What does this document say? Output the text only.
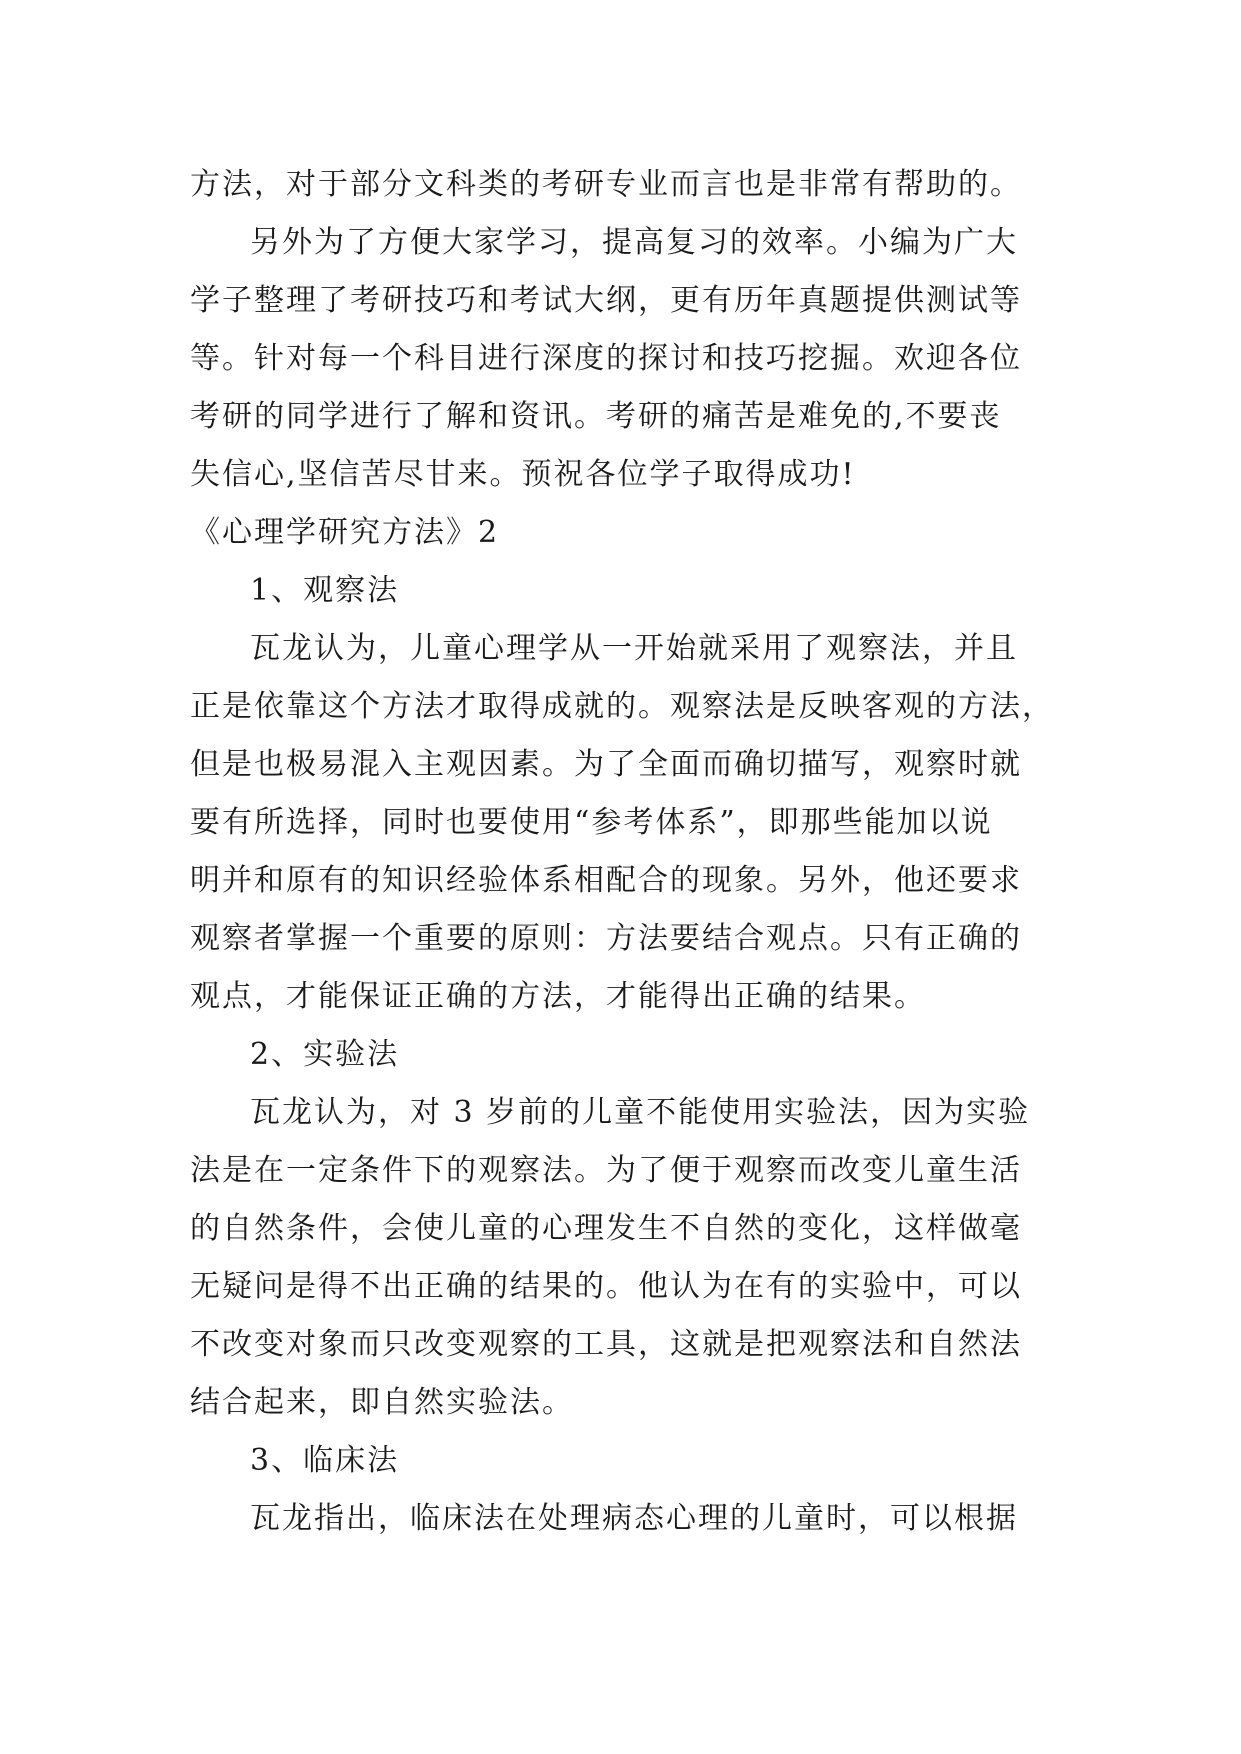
方法，对于部分文科类的考研专业而言也是非常有帮助的。
另外为了方便大家学习，提高复习的效率。小编为广大
学子整理了考研技巧和考试大纲，更有历年真题提供测试等
等。针对每一个科目进行深度的探讨和技巧挖掘。欢迎各位
考研的同学进行了解和资讯。考研的痛苦是难免的,不要丧
失信心,坚信苦尽甘来。预祝各位学子取得成功!
《心理学研究方法》2
1、观察法
瓦龙认为，儿童心理学从一开始就采用了观察法，并且
正是依靠这个方法才取得成就的。观察法是反映客观的方法，
但是也极易混入主观因素。为了全面而确切描写，观察时就
要有所选择，同时也要使用“参考体系”，即那些能加以说
明并和原有的知识经验体系相配合的现象。另外，他还要求
观察者掌握一个重要的原则：方法要结合观点。只有正确的
观点，才能保证正确的方法，才能得出正确的结果。
2、实验法
瓦龙认为，对 3 岁前的儿童不能使用实验法，因为实验
法是在一定条件下的观察法。为了便于观察而改变儿童生活
的自然条件，会使儿童的心理发生不自然的变化，这样做毫
无疑问是得不出正确的结果的。他认为在有的实验中，可以
不改变对象而只改变观察的工具，这就是把观察法和自然法
结合起来，即自然实验法。
3、临床法
瓦龙指出，临床法在处理病态心理的儿童时，可以根据
